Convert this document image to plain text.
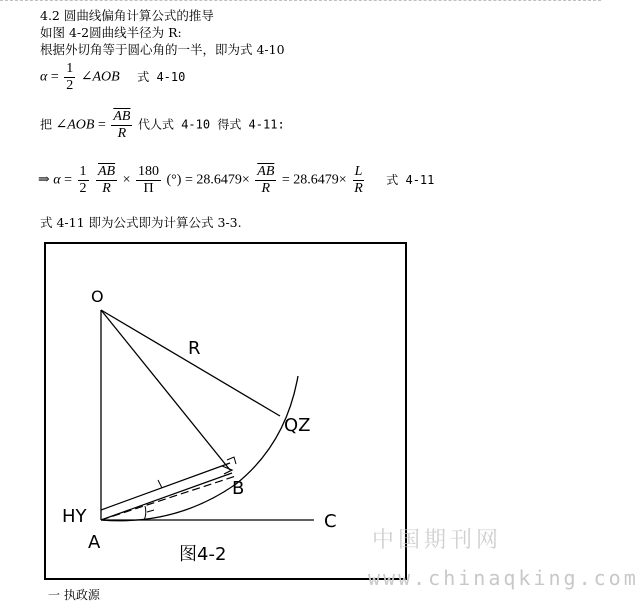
4.2 圆曲线偏角计算公式的推导
如图 4-2圆曲线半径为 R:
根据外切角等于圆心角的一半，即为式 4-10
$\alpha = \frac{1}{2}$ ∠AOB 式 4-10
把 ∠AOB = $\frac{\overline{AB}}{R}$ 代人式 4-10 得式 4-11:
⇒ $\alpha = \frac{1}{2}$
$\frac{\overline{AB}}{R} \times \frac{180}{\Pi}$ (°) = $28.6479\times \frac{\overline{AB}}{R} = 28.6479\times \frac{L}{R}$ 式 4-11
式 4-11 即为公式即为计算公式 3-3.
O
R
QZ
B
HY
A
C
图4-2
中国期刊网
www.chinaqking.com
一 执政源
